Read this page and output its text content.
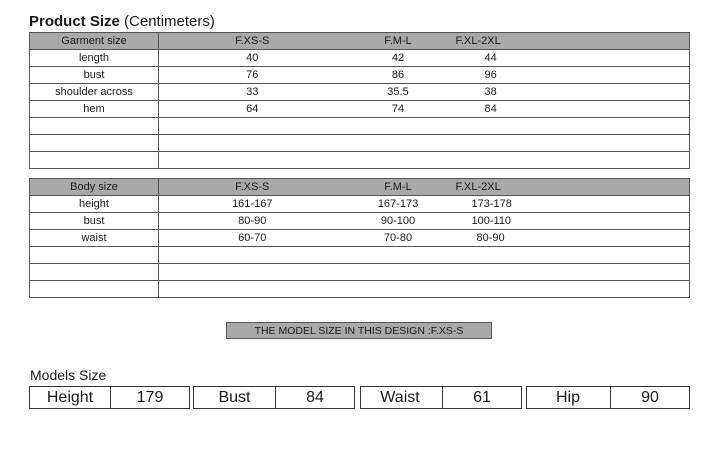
Product Size (Centimeters)
Garment size	F.XS-S	F.M-L	F.XL-2XL
length	40	42	44
bust	76	86	96
shoulder across	33	35.5	38
hem	64	74	84

Body size	F.XS-S	F.M-L	F.XL-2XL
height	161-167	167-173	173-178
bust	80-90	90-100	100-110
waist	60-70	70-80	80-90

THE MODEL SIZE IN THIS DESIGN :F.XS-S
Models Size
Height	179	Bust	84	Waist	61	Hip	90
